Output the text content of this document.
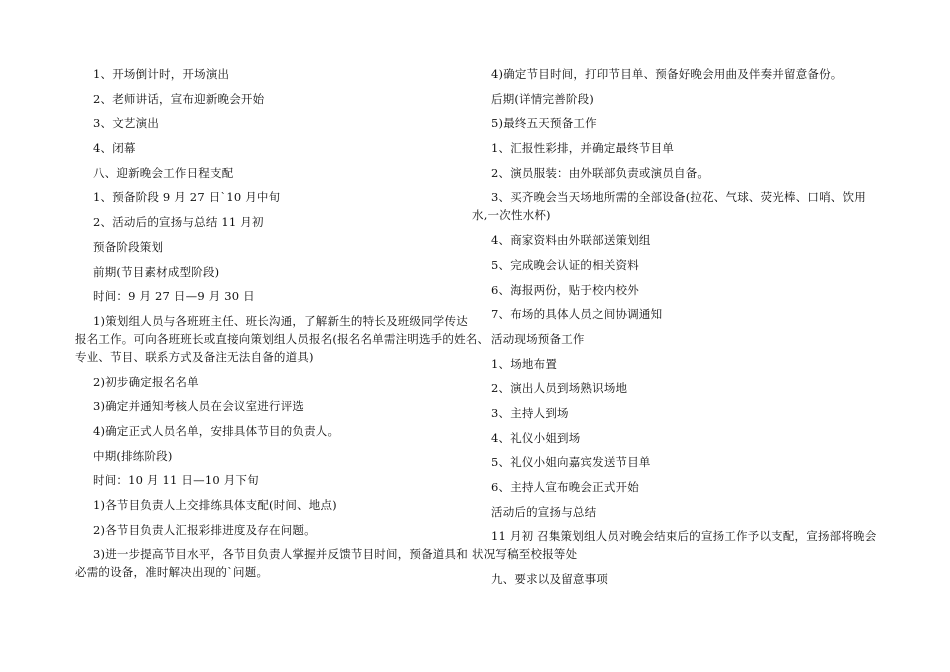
1、开场倒计时，开场演出
2、老师讲话，宣布迎新晚会开始
3、文艺演出
4、闭幕
八、迎新晚会工作日程支配
1、预备阶段 9 月 27 日`10 月中旬
2、活动后的宣扬与总结 11 月初
预备阶段策划
前期(节目素材成型阶段)
时间：9 月 27 日—9 月 30 日
1)策划组人员与各班班主任、班长沟通，了解新生的特长及班级同学传达
报名工作。可向各班班长或直接向策划组人员报名(报名名单需注明选手的姓名、
专业、节目、联系方式及备注无法自备的道具)
2)初步确定报名名单
3)确定并通知考核人员在会议室进行评选
4)确定正式人员名单，安排具体节目的负责人。
中期(排练阶段)
时间：10 月 11 日—10 月下旬
1)各节目负责人上交排练具体支配(时间、地点)
2)各节目负责人汇报彩排进度及存在问题。
3)进一步提高节目水平，各节目负责人掌握并反馈节目时间，预备道具和
必需的设备，准时解决出现的`问题。
4)确定节目时间，打印节目单、预备好晚会用曲及伴奏并留意备份。
后期(详情完善阶段)
5)最终五天预备工作
1、汇报性彩排，并确定最终节目单
2、演员服装：由外联部负责或演员自备。
3、买齐晚会当天场地所需的全部设备(拉花、气球、荧光棒、口哨、饮用
水,一次性水杯)
4、商家资料由外联部送策划组
5、完成晚会认证的相关资料
6、海报两份，贴于校内校外
7、布场的具体人员之间协调通知
活动现场预备工作
1、场地布置
2、演出人员到场熟识场地
3、主持人到场
4、礼仪小姐到场
5、礼仪小姐向嘉宾发送节目单
6、主持人宣布晚会正式开始
活动后的宣扬与总结
11 月初 召集策划组人员对晚会结束后的宣扬工作予以支配，宣扬部将晚会
状况写稿至校报等处
九、要求以及留意事项
